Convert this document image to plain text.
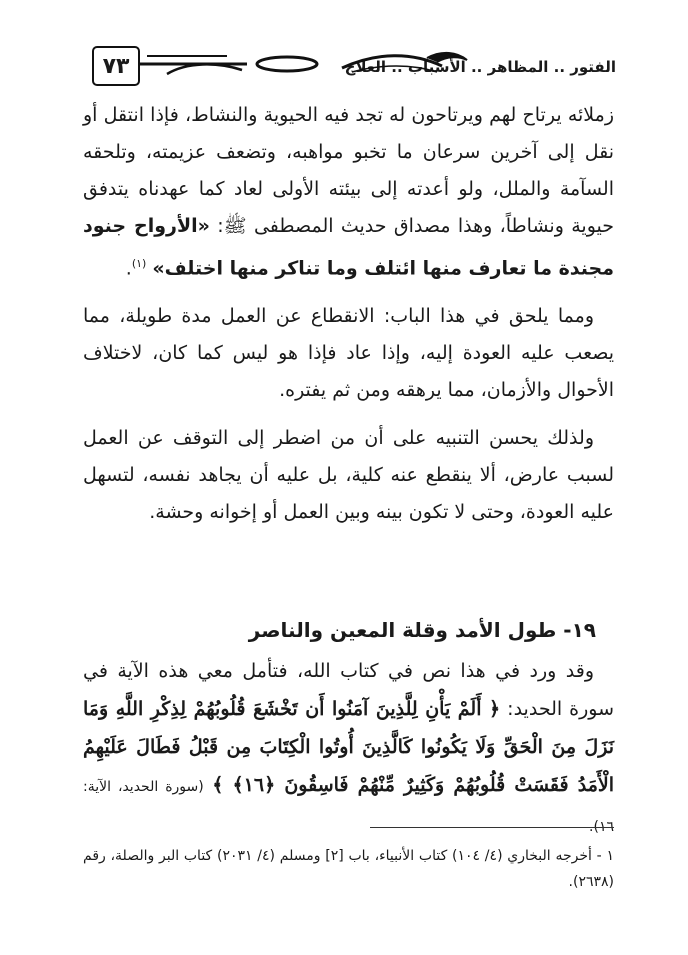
الفتور .. المظاهر .. الأسباب .. العلاج
٧٣

زملائه يرتاح لهم ويرتاحون له تجد فيه الحيوية والنشاط، فإذا انتقل أو نقل إلى آخرين سرعان ما تخبو مواهبه، وتضعف عزيمته، وتلحقه السآمة والملل، ولو أعدته إلى بيئته الأولى لعاد كما عهدناه يتدفق حيوية ونشاطاً، وهذا مصداق حديث المصطفى ﷺ: «الأرواح جنود مجندة ما تعارف منها ائتلف وما تناكر منها اختلف» $^{(١)}$.

ومما يلحق في هذا الباب: الانقطاع عن العمل مدة طويلة، مما يصعب عليه العودة إليه، وإذا عاد فإذا هو ليس كما كان، لاختلاف الأحوال والأزمان، مما يرهقه ومن ثم يفتره.

ولذلك يحسن التنبيه على أن من اضطر إلى التوقف عن العمل لسبب عارض، ألا ينقطع عنه كلية، بل عليه أن يجاهد نفسه، لتسهل عليه العودة، وحتى لا تكون بينه وبين العمل أو إخوانه وحشة.

١٩- طول الأمد وقلة المعين والناصر

وقد ورد في هذا نص في كتاب الله، فتأمل معي هذه الآية في سورة الحديد: ﴿ أَلَمْ يَأْنِ لِلَّذِينَ آمَنُوا أَن تَخْشَعَ قُلُوبُهُمْ لِذِكْرِ اللَّهِ وَمَا نَزَلَ مِنَ الْحَقِّ وَلَا يَكُونُوا كَالَّذِينَ أُوتُوا الْكِتَابَ مِن قَبْلُ فَطَالَ عَلَيْهِمُ الْأَمَدُ فَقَسَتْ قُلُوبُهُمْ وَكَثِيرٌ مِّنْهُمْ فَاسِقُونَ ﴿١٦﴾ ﴾ (سورة الحديد، الآية: ١٦).

١ - أخرجه البخاري (٤/ ١٠٤) كتاب الأنبياء، باب [٢] ومسلم (٤/ ٢٠٣١) كتاب البر والصلة، رقم (٢٦٣٨).
